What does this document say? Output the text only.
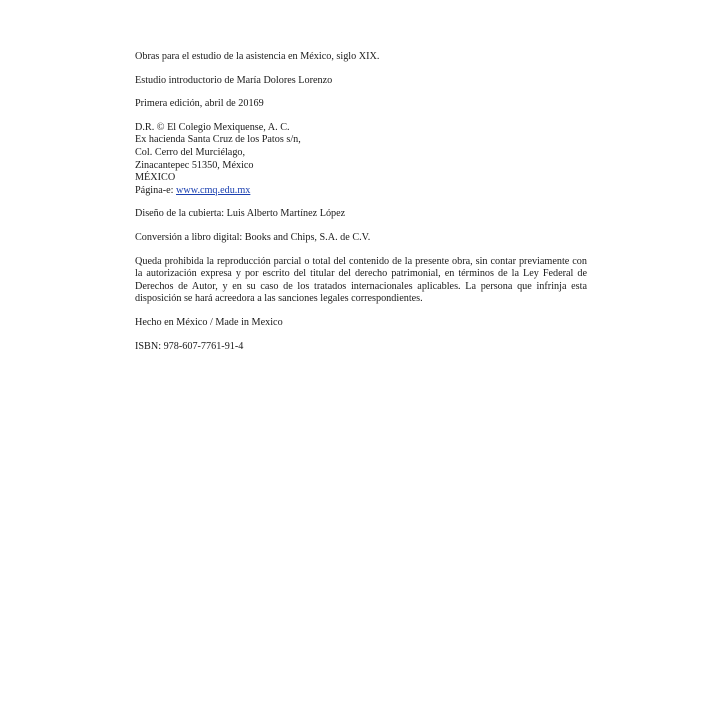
Obras para el estudio de la asistencia en México, siglo XIX.

Estudio introductorio de María Dolores Lorenzo

Primera edición, abril de 20169

D.R. © El Colegio Mexiquense, A. C.
Ex hacienda Santa Cruz de los Patos s/n,
Col. Cerro del Murciélago,
Zinacantepec 51350, México
MÉXICO
Página-e: www.cmq.edu.mx

Diseño de la cubierta: Luis Alberto Martínez López

Conversión a libro digital: Books and Chips, S.A. de C.V.

Queda prohibida la reproducción parcial o total del contenido de la presente obra, sin contar previamente con la autorización expresa y por escrito del titular del derecho patrimonial, en términos de la Ley Federal de Derechos de Autor, y en su caso de los tratados internacionales aplicables. La persona que infrinja esta disposición se hará acreedora a las sanciones legales correspondientes.

Hecho en México / Made in Mexico

ISBN: 978-607-7761-91-4
